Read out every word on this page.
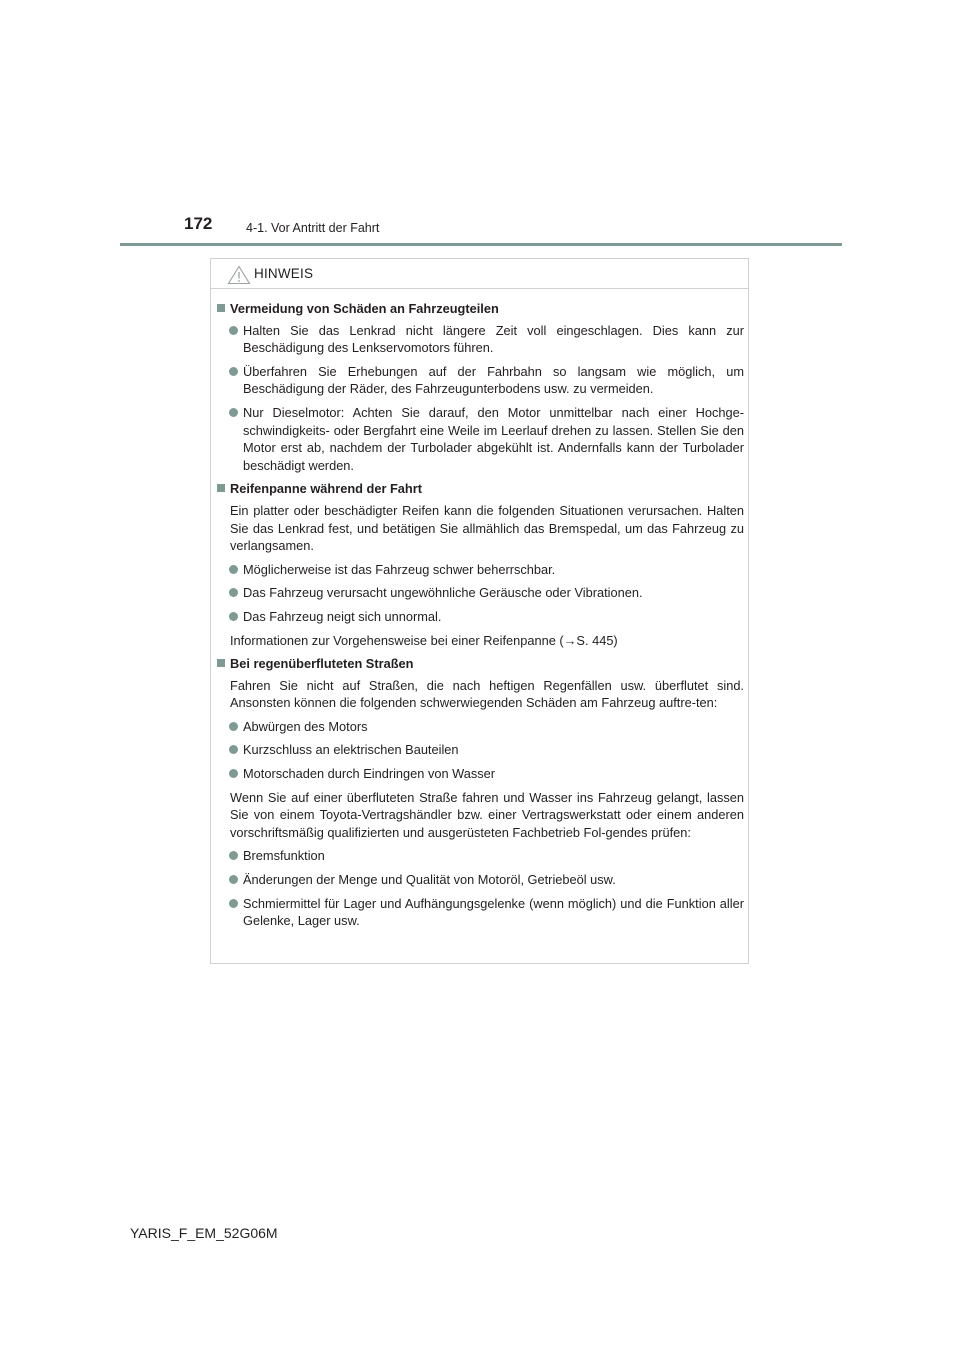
172	4-1. Vor Antritt der Fahrt
HINWEIS
Vermeidung von Schäden an Fahrzeugteilen
Halten Sie das Lenkrad nicht längere Zeit voll eingeschlagen. Dies kann zur Beschädigung des Lenkservomotors führen.
Überfahren Sie Erhebungen auf der Fahrbahn so langsam wie möglich, um Beschädigung der Räder, des Fahrzeugunterbodens usw. zu vermeiden.
Nur Dieselmotor: Achten Sie darauf, den Motor unmittelbar nach einer Hochge-schwindigkeits- oder Bergfahrt eine Weile im Leerlauf drehen zu lassen. Stellen Sie den Motor erst ab, nachdem der Turbolader abgekühlt ist. Andernfalls kann der Turbolader beschädigt werden.
Reifenpanne während der Fahrt
Ein platter oder beschädigter Reifen kann die folgenden Situationen verursachen. Halten Sie das Lenkrad fest, und betätigen Sie allmählich das Bremspedal, um das Fahrzeug zu verlangsamen.
Möglicherweise ist das Fahrzeug schwer beherrschbar.
Das Fahrzeug verursacht ungewöhnliche Geräusche oder Vibrationen.
Das Fahrzeug neigt sich unnormal.
Informationen zur Vorgehensweise bei einer Reifenpanne (→S. 445)
Bei regenüberfluteten Straßen
Fahren Sie nicht auf Straßen, die nach heftigen Regenfällen usw. überflutet sind. Ansonsten können die folgenden schwerwiegenden Schäden am Fahrzeug auftre-ten:
Abwürgen des Motors
Kurzschluss an elektrischen Bauteilen
Motorschaden durch Eindringen von Wasser
Wenn Sie auf einer überfluteten Straße fahren und Wasser ins Fahrzeug gelangt, lassen Sie von einem Toyota-Vertragshändler bzw. einer Vertragswerkstatt oder einem anderen vorschriftsmäßig qualifizierten und ausgerüsteten Fachbetrieb Fol-gendes prüfen:
Bremsfunktion
Änderungen der Menge und Qualität von Motoröl, Getriebeöl usw.
Schmiermittel für Lager und Aufhängungsgelenke (wenn möglich) und die Funktion aller Gelenke, Lager usw.
YARIS_F_EM_52G06M
